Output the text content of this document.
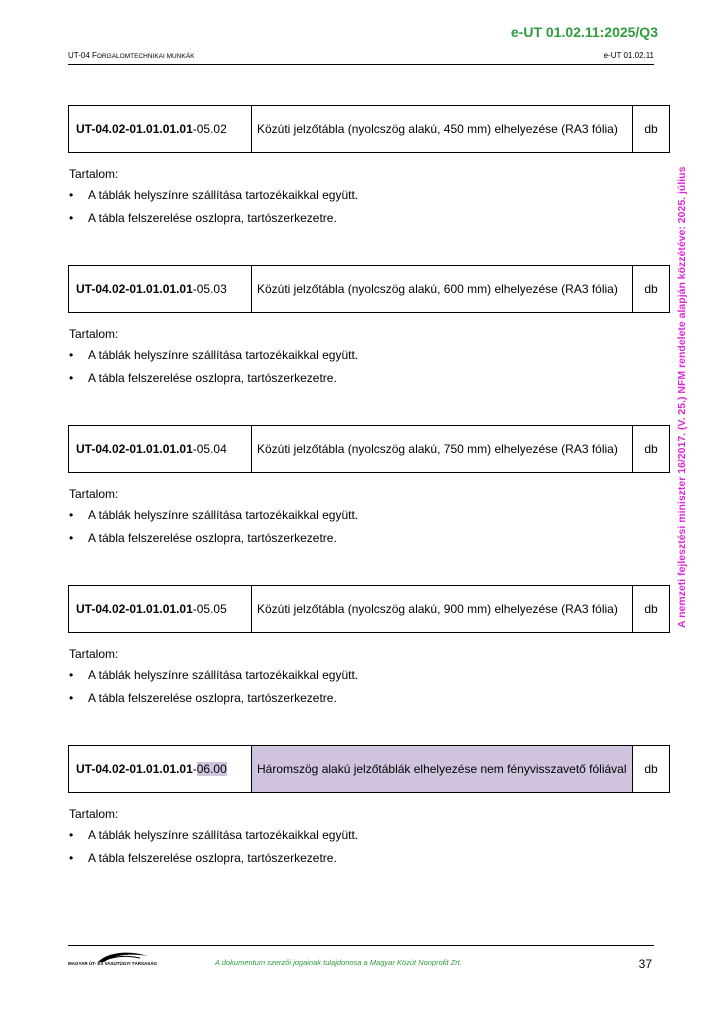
e-UT 01.02.11:2025/Q3
UT-04 FORGALOMTECHNIKAI MUNKÁK	e-UT 01.02.11
A nemzeti fejlesztési miniszter 16/2017. (V. 25.) NFM rendelete alapján közzétéve: 2025. július
UT-04.02-01.01.01.01 -05.02	Közúti jelzőtábla (nyolcszög alakú, 450 mm) elhelyezése (RA3 fólia)	db
Tartalom:
• A táblák helyszínre szállítása tartozékaikkal együtt.
• A tábla felszerelése oszlopra, tartószerkezetre.
UT-04.02-01.01.01.01 -05.03	Közúti jelzőtábla (nyolcszög alakú, 600 mm) elhelyezése (RA3 fólia)	db
Tartalom:
• A táblák helyszínre szállítása tartozékaikkal együtt.
• A tábla felszerelése oszlopra, tartószerkezetre.
UT-04.02-01.01.01.01 -05.04	Közúti jelzőtábla (nyolcszög alakú, 750 mm) elhelyezése (RA3 fólia)	db
Tartalom:
• A táblák helyszínre szállítása tartozékaikkal együtt.
• A tábla felszerelése oszlopra, tartószerkezetre.
UT-04.02-01.01.01.01 -05.05	Közúti jelzőtábla (nyolcszög alakú, 900 mm) elhelyezése (RA3 fólia)	db
Tartalom:
• A táblák helyszínre szállítása tartozékaikkal együtt.
• A tábla felszerelése oszlopra, tartószerkezetre.
UT-04.02-01.01.01.01 - 06.00	Háromszög alakú jelzőtáblák elhelyezése nem fényvisszavető fóliával	db
Tartalom:
• A táblák helyszínre szállítása tartozékaikkal együtt.
• A tábla felszerelése oszlopra, tartószerkezetre.
MAGYAR ÚT- ÉS VASÚTÜGYI TÁRSASÁG	A dokumentum szerzői jogainak tulajdonosa a Magyar Közút Nonprofit Zrt.	37
